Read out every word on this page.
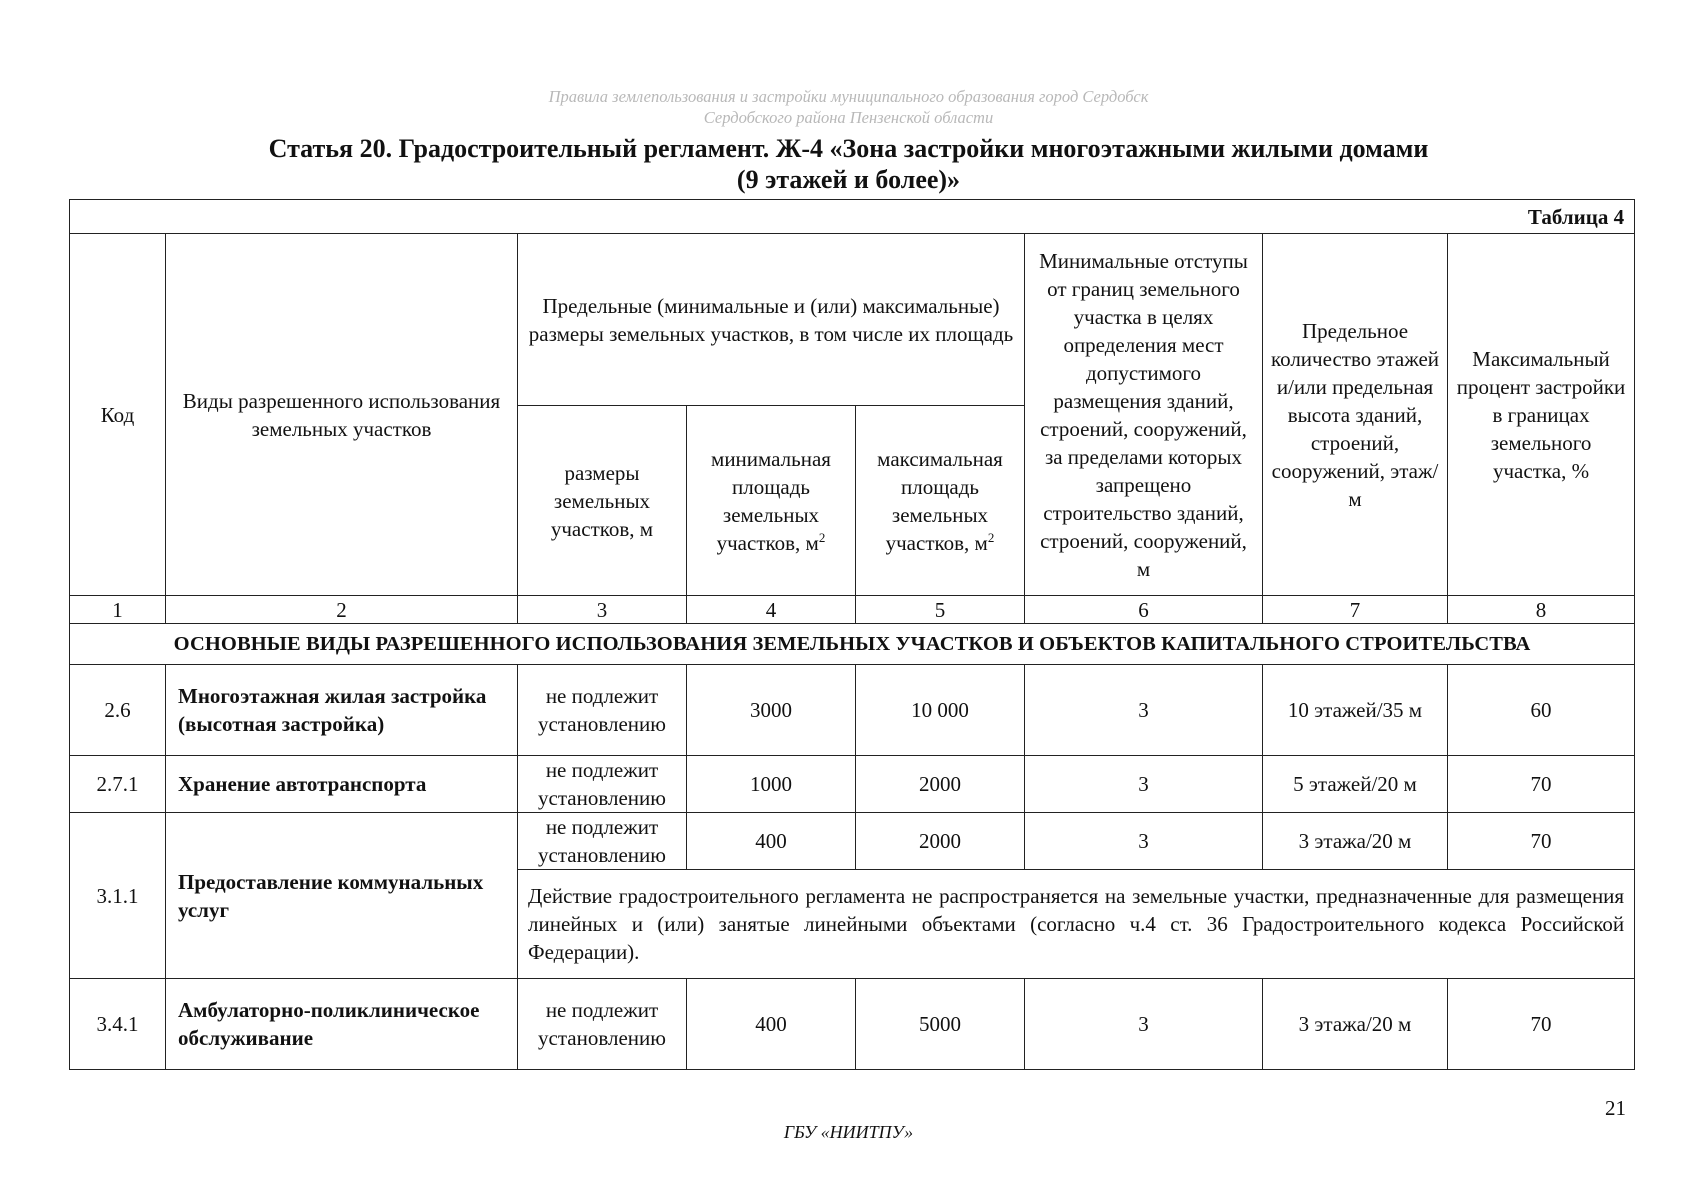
Правила землепользования и застройки муниципального образования город Сердобск
Сердобского района Пензенской области
Статья 20. Градостроительный регламент. Ж-4 «Зона застройки многоэтажными жилыми домами
(9 этажей и более)»
Таблица 4							
Код	Виды разрешенного использования земельных участков	Предельные (минимальные и (или) максимальные) размеры земельных участков, в том числе их площадь			Минимальные отступы от границ земельного участка в целях определения мест допустимого размещения зданий, строений, сооружений, за пределами которых запрещено строительство зданий, строений, сооружений, м	Предельное количество этажей и/или предельная высота зданий, строений, сооружений, этаж/м	Максимальный процент застройки в границах земельного участка, %
		размеры земельных участков, м	минимальная площадь земельных участков, $м^2$	максимальная площадь земельных участков, $м^2$
1	2	3	4	5	6	7	8
ОСНОВНЫЕ ВИДЫ РАЗРЕШЕННОГО ИСПОЛЬЗОВАНИЯ ЗЕМЕЛЬНЫХ УЧАСТКОВ И ОБЪЕКТОВ КАПИТАЛЬНОГО СТРОИТЕЛЬСТВА							
2.6	Многоэтажная жилая застройка (высотная застройка)	не подлежит установлению	3000	10 000	3	10 этажей/35 м	60
2.7.1	Хранение автотранспорта	не подлежит установлению	1000	2000	3	5 этажей/20 м	70
3.1.1	Предоставление коммунальных услуг	не подлежит установлению	400	2000	3	3 этажа/20 м	70
		Действие градостроительного регламента не распространяется на земельные участки, предназначенные для размещения линейных и (или) занятые линейными объектами (согласно ч.4 ст. 36 Градостроительного кодекса Российской Федерации).					
3.4.1	Амбулаторно-поликлиническое обслуживание	не подлежит установлению	400	5000	3	3 этажа/20 м	70
21
ГБУ «НИИТПУ»
